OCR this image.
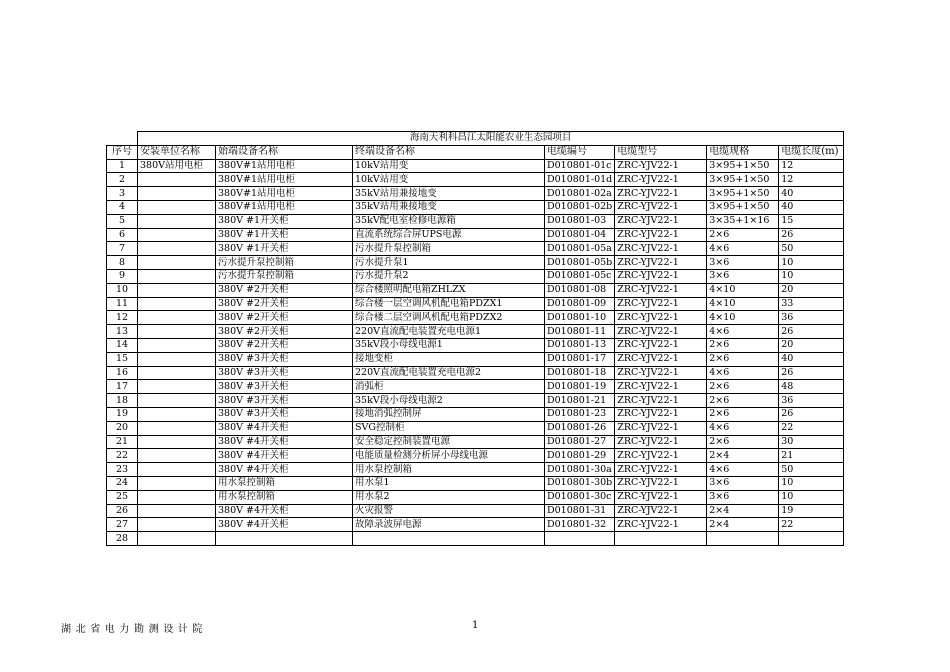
	海南天利科昌江太阳能农业生态园项目						
序号	安装单位名称	始端设备名称	终端设备名称	电缆编号	电缆型号	电缆规格	电缆长度(m)
1	380V站用电柜	380V#1站用电柜	10kV站用变	D010801-01c	ZRC-YJV22-1	3×95+1×50	12
2		380V#1站用电柜	10kV站用变	D010801-01d	ZRC-YJV22-1	3×95+1×50	12
3		380V#1站用电柜	35kV站用兼接地变	D010801-02a	ZRC-YJV22-1	3×95+1×50	40
4		380V#1站用电柜	35kV站用兼接地变	D010801-02b	ZRC-YJV22-1	3×95+1×50	40
5		380V #1开关柜	35kV配电室检修电源箱	D010801-03	ZRC-YJV22-1	3×35+1×16	15
6		380V #1开关柜	直流系统综合屏UPS电源	D010801-04	ZRC-YJV22-1	2×6	26
7		380V #1开关柜	污水提升泵控制箱	D010801-05a	ZRC-YJV22-1	4×6	50
8		污水提升泵控制箱	污水提升泵1	D010801-05b	ZRC-YJV22-1	3×6	10
9		污水提升泵控制箱	污水提升泵2	D010801-05c	ZRC-YJV22-1	3×6	10
10		380V #2开关柜	综合楼照明配电箱ZHLZX	D010801-08	ZRC-YJV22-1	4×10	20
11		380V #2开关柜	综合楼一层空调风机配电箱PDZX1	D010801-09	ZRC-YJV22-1	4×10	33
12		380V #2开关柜	综合楼二层空调风机配电箱PDZX2	D010801-10	ZRC-YJV22-1	4×10	36
13		380V #2开关柜	220V直流配电装置充电电源1	D010801-11	ZRC-YJV22-1	4×6	26
14		380V #2开关柜	35kV段小母线电源1	D010801-13	ZRC-YJV22-1	2×6	20
15		380V #3开关柜	接地变柜	D010801-17	ZRC-YJV22-1	2×6	40
16		380V #3开关柜	220V直流配电装置充电电源2	D010801-18	ZRC-YJV22-1	4×6	26
17		380V #3开关柜	消弧柜	D010801-19	ZRC-YJV22-1	2×6	48
18		380V #3开关柜	35kV段小母线电源2	D010801-21	ZRC-YJV22-1	2×6	36
19		380V #3开关柜	接地消弧控制屏	D010801-23	ZRC-YJV22-1	2×6	26
20		380V #4开关柜	SVG控制柜	D010801-26	ZRC-YJV22-1	4×6	22
21		380V #4开关柜	安全稳定控制装置电源	D010801-27	ZRC-YJV22-1	2×6	30
22		380V #4开关柜	电能质量检测分析屏小母线电源	D010801-29	ZRC-YJV22-1	2×4	21
23		380V #4开关柜	用水泵控制箱	D010801-30a	ZRC-YJV22-1	4×6	50
24		用水泵控制箱	用水泵1	D010801-30b	ZRC-YJV22-1	3×6	10
25		用水泵控制箱	用水泵2	D010801-30c	ZRC-YJV22-1	3×6	10
26		380V #4开关柜	火灾报警	D010801-31	ZRC-YJV22-1	2×4	19
27		380V #4开关柜	故障录波屏电源	D010801-32	ZRC-YJV22-1	2×4	22
28							
湖北省电力勘测设计院	1
